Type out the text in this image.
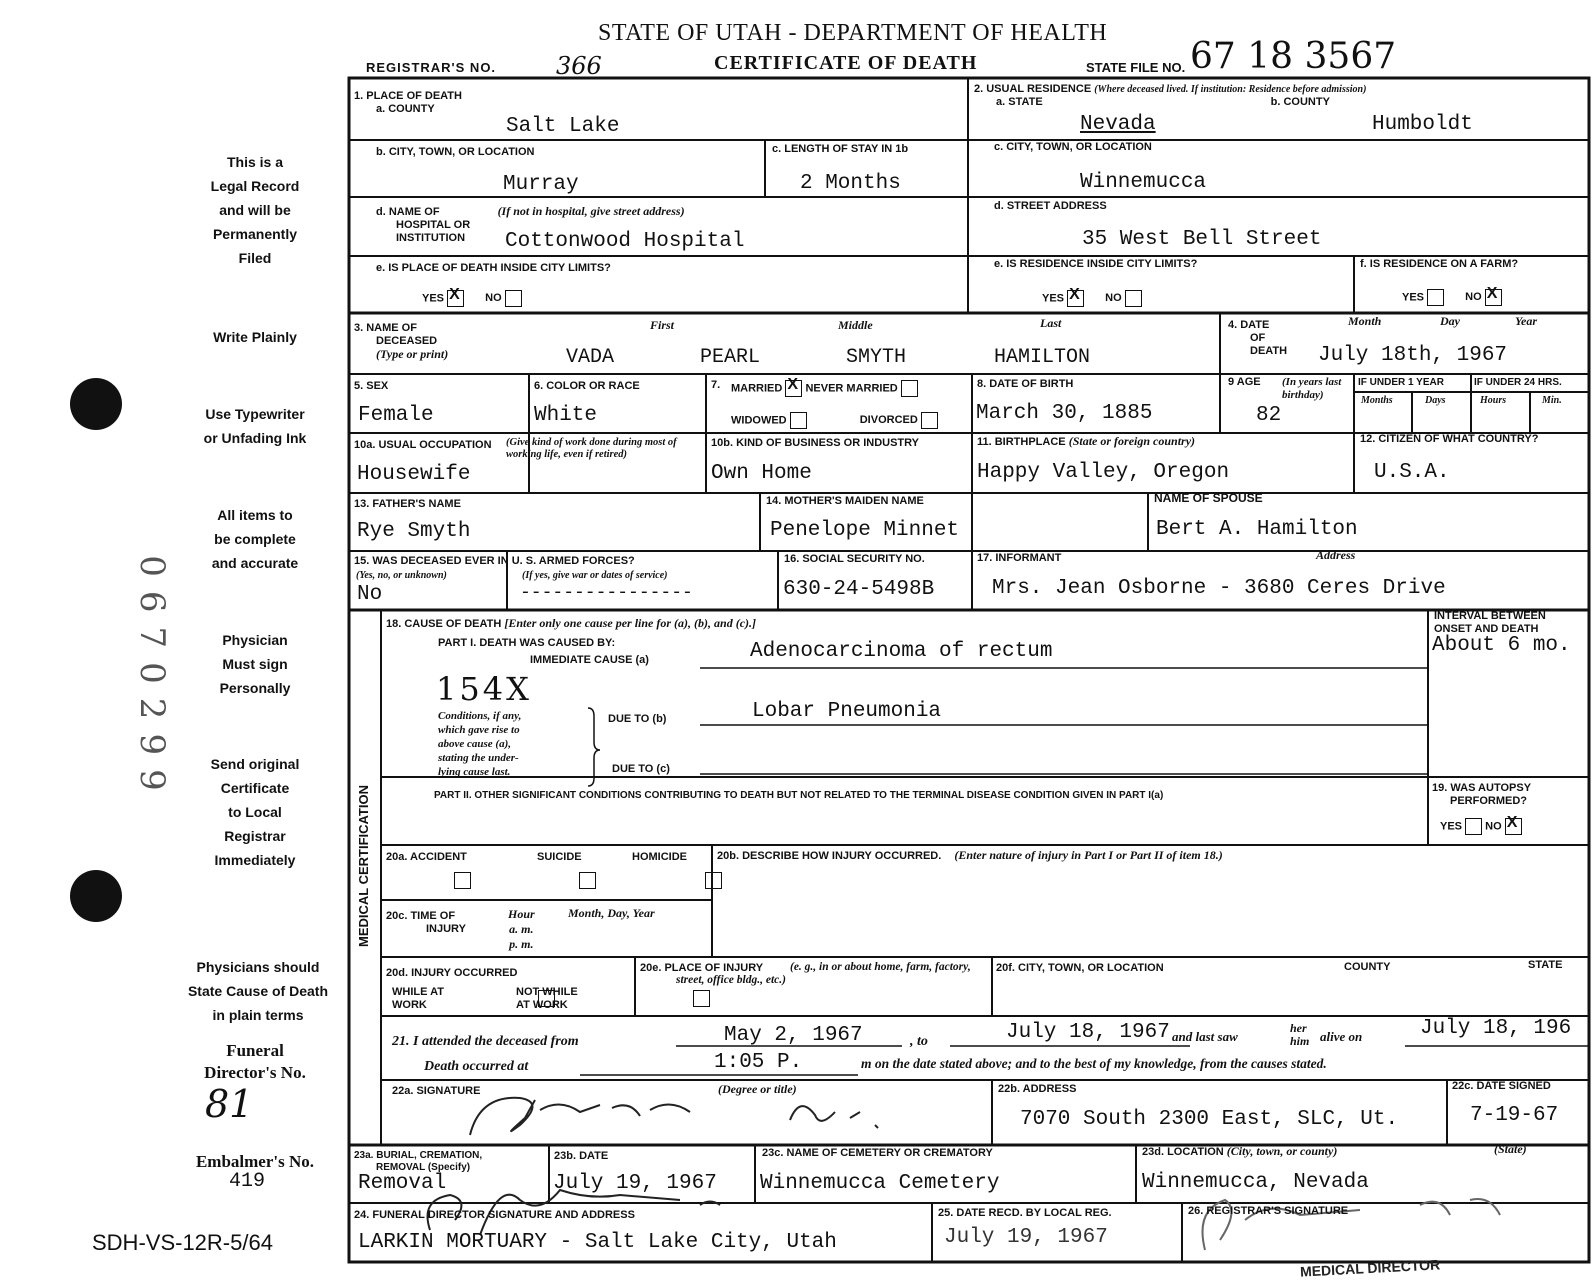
0670299
STATE OF UTAH - DEPARTMENT OF HEALTH
REGISTRAR'S NO. 366	CERTIFICATE OF DEATH	STATE FILE NO. 67 18 3567
This is a
Legal Record
and will be
Permanently
Filed
Write Plainly
Use Typewriter
or Unfading Ink
All items to
be complete
and accurate
Physician
Must sign
Personally
Send original
Certificate
to Local
Registrar
Immediately
Physicians should
State Cause of Death
in plain terms
Funeral
Director's No.
81
Embalmer's No.
419
SDH-VS-12R-5/64
MEDICAL CERTIFICATION
1. PLACE OF DEATH
a. COUNTY
Salt Lake
2. USUAL RESIDENCE (Where deceased lived. If institution: Residence before admission)
a. STATE	b. COUNTY
Nevada	Humboldt
b. CITY, TOWN, OR LOCATION
Murray
c. LENGTH OF STAY IN 1b
2 Months
c. CITY, TOWN, OR LOCATION
Winnemucca
d. NAME OF	(If not in hospital, give street address)
HOSPITAL OR
INSTITUTION	Cottonwood Hospital
d. STREET ADDRESS
35 West Bell Street
e. IS PLACE OF DEATH INSIDE CITY LIMITS?
YES X	NO
e. IS RESIDENCE INSIDE CITY LIMITS?
YES X	NO
f. IS RESIDENCE ON A FARM?
YES	NO X
3. NAME OF
DECEASED
(Type or print)
First	Middle	Last
VADA	PEARL	SMYTH	HAMILTON
4. DATE
OF
DEATH
Month	Day	Year
July 18th, 1967
5. SEX
Female
6. COLOR OR RACE
White
7. MARRIED X NEVER MARRIED
WIDOWED	DIVORCED
8. DATE OF BIRTH
March 30, 1885
9 AGE (In years last birthday)
82
IF UNDER 1 YEAR	IF UNDER 24 HRS.
Months	Days	Hours	Min.
10a. USUAL OCCUPATION (Give kind of work done during most of working life, even if retired)
Housewife
10b. KIND OF BUSINESS OR INDUSTRY
Own Home
11. BIRTHPLACE (State or foreign country)
Happy Valley, Oregon
12. CITIZEN OF WHAT COUNTRY?
U.S.A.
13. FATHER'S NAME
Rye Smyth
14. MOTHER'S MAIDEN NAME
Penelope Minnet
NAME OF SPOUSE
Bert A. Hamilton
15. WAS DECEASED EVER IN U. S. ARMED FORCES?
(Yes, no, or unknown)	(If yes, give war or dates of service)
No	----------------
16. SOCIAL SECURITY NO.
630-24-5498B
17. INFORMANT	Address
Mrs. Jean Osborne - 3680 Ceres Drive
18. CAUSE OF DEATH [Enter only one cause per line for (a), (b), and (c).]
PART I. DEATH WAS CAUSED BY:
IMMEDIATE CAUSE (a)	Adenocarcinoma of rectum
154X
Conditions, if any,
which gave rise to
above cause (a),
stating the under-
lying cause last.
DUE TO (b)	Lobar Pneumonia
DUE TO (c)
INTERVAL BETWEEN
ONSET AND DEATH
About 6 mo.
PART II. OTHER SIGNIFICANT CONDITIONS CONTRIBUTING TO DEATH BUT NOT RELATED TO THE TERMINAL DISEASE CONDITION GIVEN IN PART I(a)
19. WAS AUTOPSY
PERFORMED?
YES NO X
20a. ACCIDENT	SUICIDE	HOMICIDE
	20b. DESCRIBE HOW INJURY OCCURRED. (Enter nature of injury in Part I or Part II of item 18.)
20c. TIME OF
INJURY
Hour
a. m.
p. m.
Month, Day, Year
20d. INJURY OCCURRED
WHILE AT
WORK

NOT WHILE
AT WORK
20e. PLACE OF INJURY	(e. g., in or about home, farm, factory, street, office bldg., etc.)
20f. CITY, TOWN, OR LOCATION	COUNTY	STATE
21. I attended the deceased from	May 2, 1967	, to	July 18, 1967 and last saw
her
him alive on	July 18, 196
Death occurred at	1:05 P.	m on the date stated above; and to the best of my knowledge, from the causes stated.
22a. SIGNATURE	(Degree or title)	22b. ADDRESS
7070 South 2300 East, SLC, Ut.
22c. DATE SIGNED
7-19-67
23a. BURIAL, CREMATION,
REMOVAL (Specify)
Removal
23b. DATE
July 19, 1967
23c. NAME OF CEMETERY OR CREMATORY
Winnemucca Cemetery
23d. LOCATION (City, town, or county)	(State)
Winnemucca, Nevada
24. FUNERAL DIRECTOR SIGNATURE AND ADDRESS
LARKIN MORTUARY - Salt Lake City, Utah
25. DATE RECD. BY LOCAL REG.
July 19, 1967
26. REGISTRAR'S SIGNATURE
MEDICAL DIRECTOR
